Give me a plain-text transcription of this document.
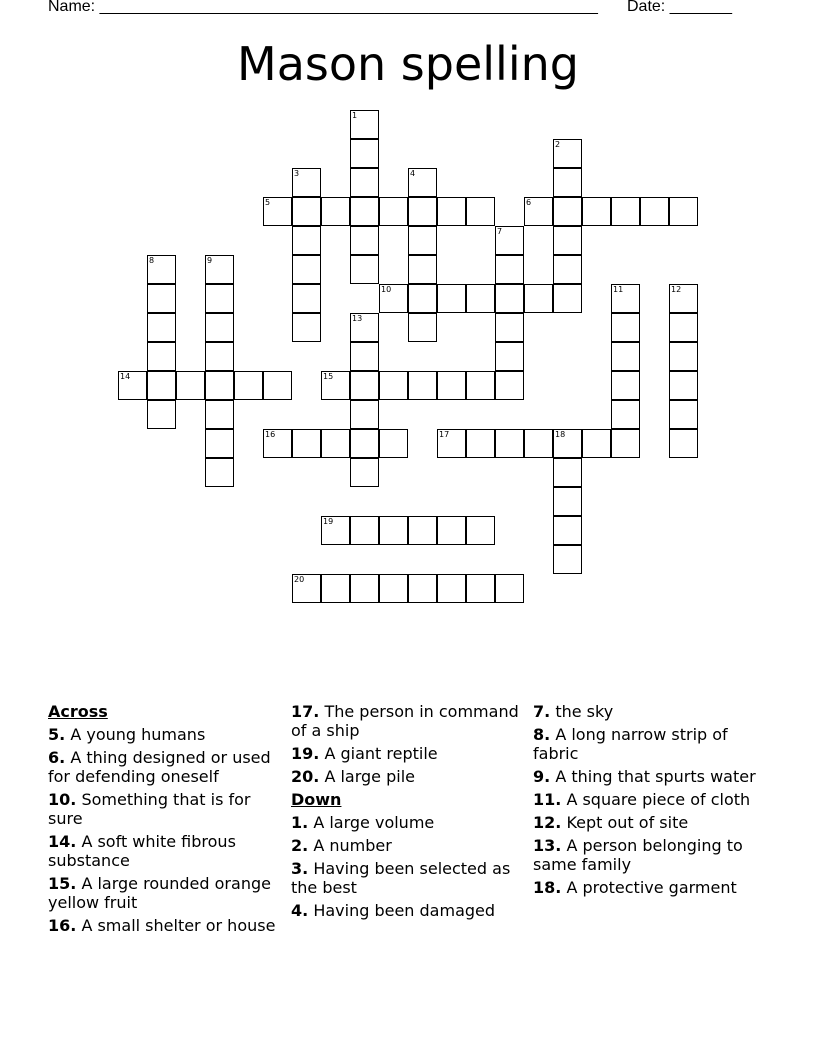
Name: ________________________________________________________ Date: _______
Mason spelling
1
2
3	4
5	6
7
8	9
10	11	12
13
14	15
16	17	18
19
20
Across
5. A young humans
6. A thing designed or used for defending oneself
10. Something that is for sure
14. A soft white fibrous substance
15. A large rounded orange yellow fruit
16. A small shelter or house
17. The person in command of a ship
19. A giant reptile
20. A large pile
Down
1. A large volume
2. A number
3. Having been selected as the best
4. Having been damaged
7. the sky
8. A long narrow strip of fabric
9. A thing that spurts water
11. A square piece of cloth
12. Kept out of site
13. A person belonging to same family
18. A protective garment
